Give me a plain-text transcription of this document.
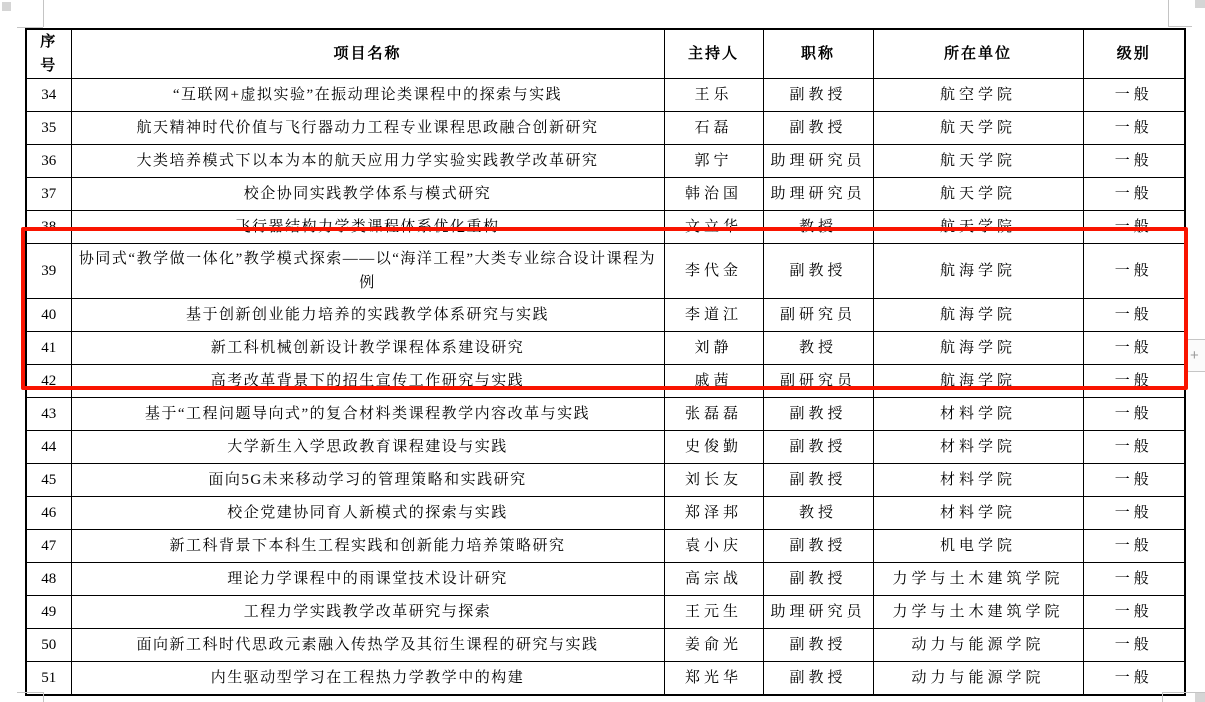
序号	项目名称	主持人	职称	所在单位	级别
34	“互联网+虚拟实验”在振动理论类课程中的探索与实践	王乐	副教授	航空学院	一般
35	航天精神时代价值与飞行器动力工程专业课程思政融合创新研究	石磊	副教授	航天学院	一般
36	大类培养模式下以本为本的航天应用力学实验实践教学改革研究	郭宁	助理研究员	航天学院	一般
37	校企协同实践教学体系与模式研究	韩治国	助理研究员	航天学院	一般
38	飞行器结构力学类课程体系优化重构	文立华	教授	航天学院	一般
39	协同式“教学做一体化”教学模式探索——以“海洋工程”大类专业综合设计课程为例	李代金	副教授	航海学院	一般
40	基于创新创业能力培养的实践教学体系研究与实践	李道江	副研究员	航海学院	一般
41	新工科机械创新设计教学课程体系建设研究	刘静	教授	航海学院	一般
42	高考改革背景下的招生宣传工作研究与实践	戚茜	副研究员	航海学院	一般
43	基于“工程问题导向式”的复合材料类课程教学内容改革与实践	张磊磊	副教授	材料学院	一般
44	大学新生入学思政教育课程建设与实践	史俊勤	副教授	材料学院	一般
45	面向5G未来移动学习的管理策略和实践研究	刘长友	副教授	材料学院	一般
46	校企党建协同育人新模式的探索与实践	郑泽邦	教授	材料学院	一般
47	新工科背景下本科生工程实践和创新能力培养策略研究	袁小庆	副教授	机电学院	一般
48	理论力学课程中的雨课堂技术设计研究	高宗战	副教授	力学与土木建筑学院	一般
49	工程力学实践教学改革研究与探索	王元生	助理研究员	力学与土木建筑学院	一般
50	面向新工科时代思政元素融入传热学及其衍生课程的研究与实践	姜俞光	副教授	动力与能源学院	一般
51	内生驱动型学习在工程热力学教学中的构建	郑光华	副教授	动力与能源学院	一般
+
